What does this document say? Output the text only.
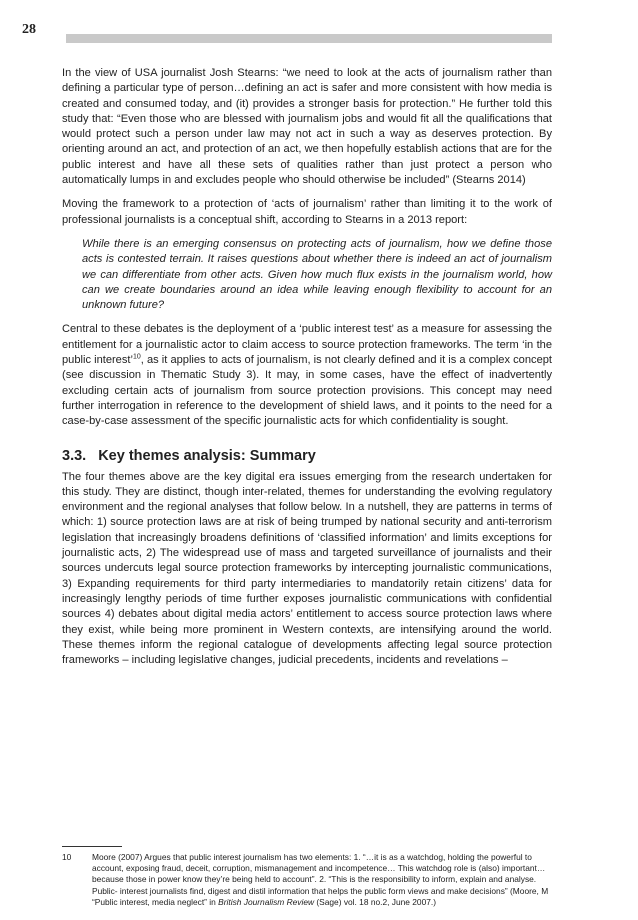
28

In the view of USA journalist Josh Stearns: “we need to look at the acts of journalism rather than defining a particular type of person…defining an act is safer and more consistent with how media is created and consumed today, and (it) provides a stronger basis for protection.” He further told this study that: “Even those who are blessed with journalism jobs and would fit all the qualifications that would protect such a person under law may not act in such a way as deserves protection. By orienting around an act, and protection of an act, we then hopefully establish actions that are for the public interest and have all these sets of qualities rather than just protect a person who automatically lumps in and excludes people who should otherwise be included” (Stearns 2014)

Moving the framework to a protection of ‘acts of journalism’ rather than limiting it to the work of professional journalists is a conceptual shift, according to Stearns in a 2013 report:

While there is an emerging consensus on protecting acts of journalism, how we define those acts is contested terrain. It raises questions about whether there is indeed an act of journalism we can differentiate from other acts. Given how much flux exists in the journalism world, how can we create boundaries around an idea while leaving enough flexibility to account for an unknown future?

Central to these debates is the deployment of a ‘public interest test’ as a measure for assessing the entitlement for a journalistic actor to claim access to source protection frameworks. The term ‘in the public interest’$^{10}$, as it applies to acts of journalism, is not clearly defined and it is a complex concept (see discussion in Thematic Study 3). It may, in some cases, have the effect of inadvertently excluding certain acts of journalism from source protection provisions. This concept may need further interrogation in reference to the development of shield laws, and it points to the need for a case-by-case assessment of the specific journalistic acts for which confidentiality is sought.

3.3. Key themes analysis: Summary

The four themes above are the key digital era issues emerging from the research undertaken for this study. They are distinct, though inter-related, themes for understanding the evolving regulatory environment and the regional analyses that follow below. In a nutshell, they are patterns in terms of which: 1) source protection laws are at risk of being trumped by national security and anti-terrorism legislation that increasingly broadens definitions of ‘classified information’ and limits exceptions for journalistic acts, 2) The widespread use of mass and targeted surveillance of journalists and their sources undercuts legal source protection frameworks by intercepting journalistic communications, 3) Expanding requirements for third party intermediaries to mandatorily retain citizens’ data for increasingly lengthy periods of time further exposes journalistic communications with confidential sources 4) debates about digital media actors’ entitlement to access source protection laws where they exist, while being more prominent in Western contexts, are intensifying around the world. These themes inform the regional catalogue of developments affecting legal source protection frameworks – including legislative changes, judicial precedents, incidents and revelations –

10	Moore (2007) Argues that public interest journalism has two elements: 1. “…it is as a watchdog, holding the powerful to account, exposing fraud, deceit, corruption, mismanagement and incompetence… This watchdog role is (also) important…because those in power know they’re being held to account”. 2. “This is the responsibility to inform, explain and analyse. Public- interest journalists find, digest and distil information that helps the public form views and make decisions” (Moore, M “Public interest, media neglect” in British Journalism Review (Sage) vol. 18 no.2, June 2007.)
